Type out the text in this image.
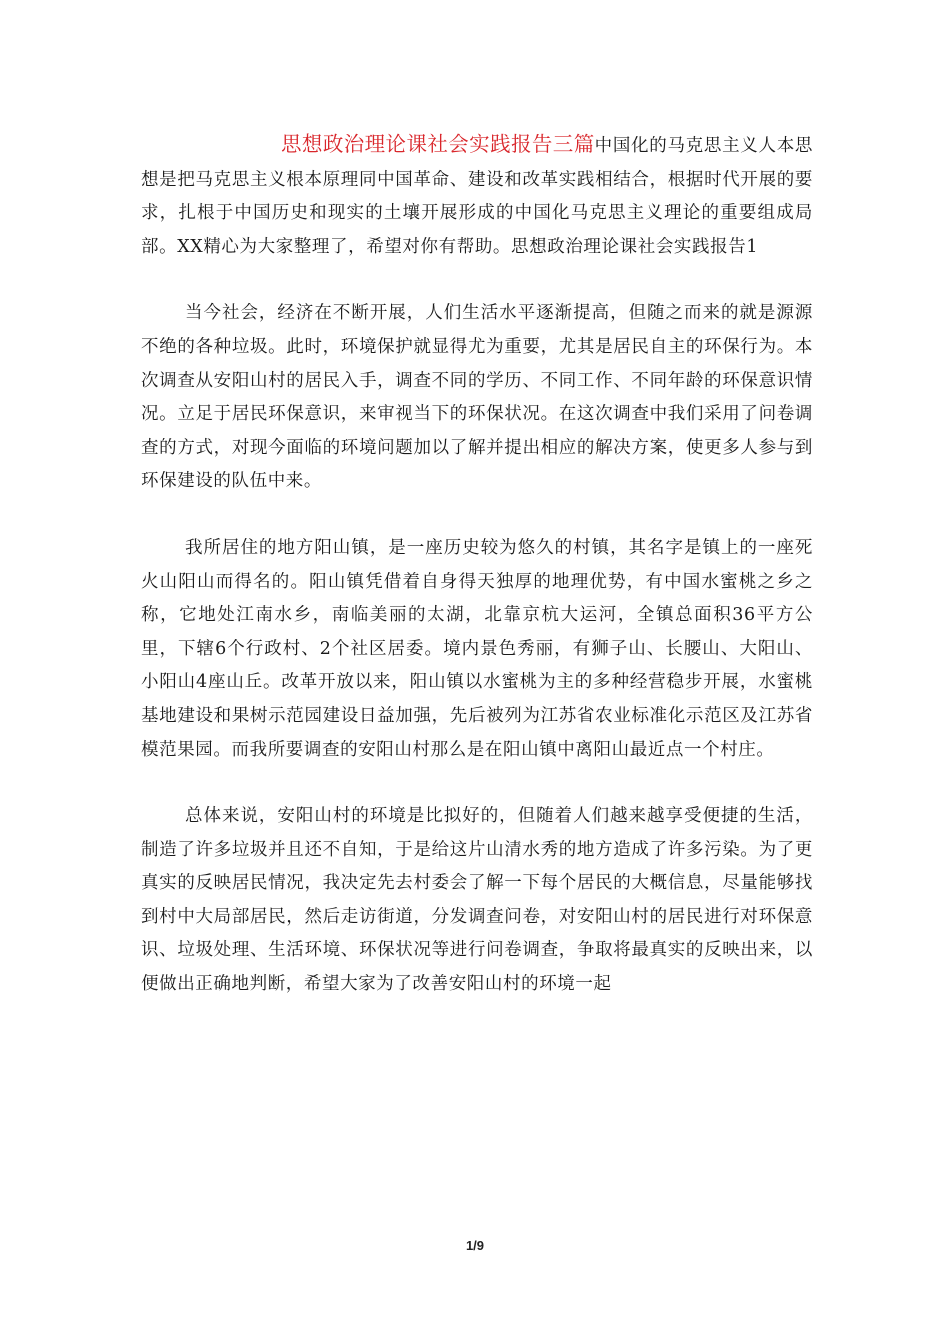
思想政治理论课社会实践报告三篇中国化的马克思主义人本思想是把马克思主义根本原理同中国革命、建设和改革实践相结合，根据时代开展的要求，扎根于中国历史和现实的土壤开展形成的中国化马克思主义理论的重要组成局部。XX精心为大家整理了，希望对你有帮助。思想政治理论课社会实践报告1

当今社会，经济在不断开展，人们生活水平逐渐提高，但随之而来的就是源源不绝的各种垃圾。此时，环境保护就显得尤为重要，尤其是居民自主的环保行为。本次调查从安阳山村的居民入手，调查不同的学历、不同工作、不同年龄的环保意识情况。立足于居民环保意识，来审视当下的环保状况。在这次调查中我们采用了问卷调查的方式，对现今面临的环境问题加以了解并提出相应的解决方案，使更多人参与到环保建设的队伍中来。

我所居住的地方阳山镇，是一座历史较为悠久的村镇，其名字是镇上的一座死火山阳山而得名的。阳山镇凭借着自身得天独厚的地理优势，有中国水蜜桃之乡之称，它地处江南水乡，南临美丽的太湖，北靠京杭大运河，全镇总面积36平方公里，下辖6个行政村、2个社区居委。境内景色秀丽，有狮子山、长腰山、大阳山、小阳山4座山丘。改革开放以来，阳山镇以水蜜桃为主的多种经营稳步开展，水蜜桃基地建设和果树示范园建设日益加强，先后被列为江苏省农业标准化示范区及江苏省模范果园。而我所要调查的安阳山村那么是在阳山镇中离阳山最近点一个村庄。

总体来说，安阳山村的环境是比拟好的，但随着人们越来越享受便捷的生活，制造了许多垃圾并且还不自知，于是给这片山清水秀的地方造成了许多污染。为了更真实的反映居民情况，我决定先去村委会了解一下每个居民的大概信息，尽量能够找到村中大局部居民，然后走访街道，分发调查问卷，对安阳山村的居民进行对环保意识、垃圾处理、生活环境、环保状况等进行问卷调查，争取将最真实的反映出来，以便做出正确地判断，希望大家为了改善安阳山村的环境一起

1/9
